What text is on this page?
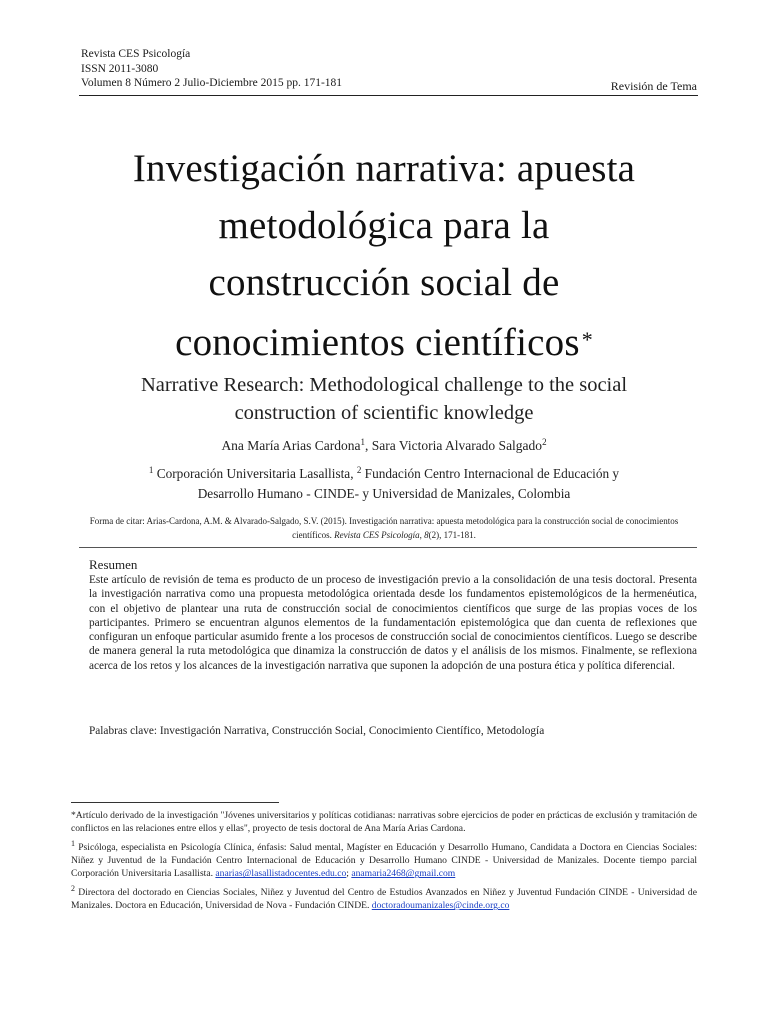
Revista CES Psicología
ISSN 2011-3080
Volumen 8 Número 2 Julio-Diciembre 2015 pp. 171-181	Revisión de Tema
Investigación narrativa: apuesta
metodológica para la
construcción social de
conocimientos científicos*
Narrative Research: Methodological challenge to the social
construction of scientific knowledge
Ana María Arias Cardona$^1$, Sara Victoria Alvarado Salgado$^2$
$^1$ Corporación Universitaria Lasallista, $^2$ Fundación Centro Internacional de Educación y
Desarrollo Humano - CINDE- y Universidad de Manizales, Colombia
Forma de citar: Arias-Cardona, A.M. & Alvarado-Salgado, S.V. (2015). Investigación narrativa: apuesta metodológica para la construcción social de conocimientos científicos. Revista CES Psicología, 8(2), 171-181.
Resumen
Este artículo de revisión de tema es producto de un proceso de investigación previo a la consolidación de una tesis doctoral. Presenta la investigación narrativa como una propuesta metodológica orientada desde los fundamentos epistemológicos de la hermenéutica, con el objetivo de plantear una ruta de construcción social de conocimientos científicos que surge de las propias voces de los participantes. Primero se encuentran algunos elementos de la fundamentación epistemológica que dan cuenta de reflexiones que configuran un enfoque particular asumido frente a los procesos de construcción social de conocimientos científicos. Luego se describe de manera general la ruta metodológica que dinamiza la construcción de datos y el análisis de los mismos. Finalmente, se reflexiona acerca de los retos y los alcances de la investigación narrativa que suponen la adopción de una postura ética y política diferencial.
Palabras clave: Investigación Narrativa, Construcción Social, Conocimiento Científico, Metodología

*Artículo derivado de la investigación "Jóvenes universitarios y políticas cotidianas: narrativas sobre ejercicios de poder en prácticas de exclusión y tramitación de conflictos en las relaciones entre ellos y ellas", proyecto de tesis doctoral de Ana María Arias Cardona.

$^1$ Psicóloga, especialista en Psicología Clínica, énfasis: Salud mental, Magíster en Educación y Desarrollo Humano, Candidata a Doctora en Ciencias Sociales: Niñez y Juventud de la Fundación Centro Internacional de Educación y Desarrollo Humano CINDE - Universidad de Manizales. Docente tiempo parcial Corporación Universitaria Lasallista. anarias@lasallistadocentes.edu.co; anamaria2468@gmail.com

$^2$ Directora del doctorado en Ciencias Sociales, Niñez y Juventud del Centro de Estudios Avanzados en Niñez y Juventud Fundación CINDE - Universidad de Manizales. Doctora en Educación, Universidad de Nova - Fundación CINDE. doctoradoumanizales@cinde.org.co
